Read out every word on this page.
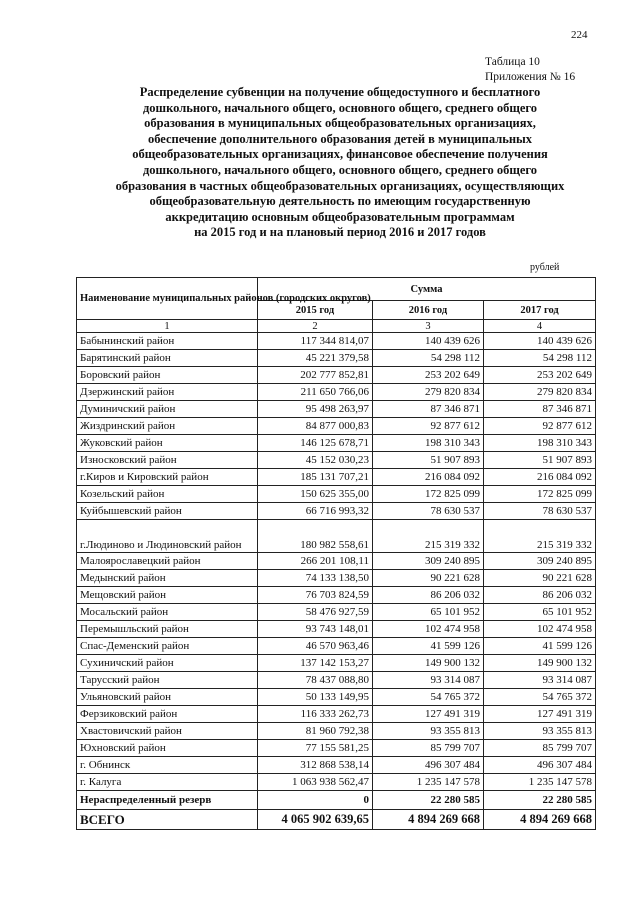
224
Таблица 10
Приложения № 16
Распределение субвенции на получение общедоступного и бесплатного
дошкольного, начального общего, основного общего, среднего общего
образования в муниципальных общеобразовательных организациях,
обеспечение дополнительного образования детей в муниципальных
общеобразовательных организациях, финансовое обеспечение получения
дошкольного, начального общего, основного общего, среднего общего
образования в частных общеобразовательных организациях, осуществляющих
общеобразовательную деятельность по имеющим государственную
аккредитацию основным общеобразовательным программам
на 2015 год и на плановый период 2016 и 2017 годов
рублей
Наименование муниципальных районов (городских округов)	Сумма		
	2015 год	2016 год	2017 год
1	2	3	4
Бабынинский район	117 344 814,07	140 439 626	140 439 626
Барятинский район	45 221 379,58	54 298 112	54 298 112
Боровский район	202 777 852,81	253 202 649	253 202 649
Дзержинский район	211 650 766,06	279 820 834	279 820 834
Думиничский район	95 498 263,97	87 346 871	87 346 871
Жиздринский район	84 877 000,83	92 877 612	92 877 612
Жуковский район	146 125 678,71	198 310 343	198 310 343
Износковский район	45 152 030,23	51 907 893	51 907 893
г.Киров и Кировский район	185 131 707,21	216 084 092	216 084 092
Козельский район	150 625 355,00	172 825 099	172 825 099
Куйбышевский район	66 716 993,32	78 630 537	78 630 537
г.Людиново и Людиновский район	180 982 558,61	215 319 332	215 319 332
Малоярославецкий район	266 201 108,11	309 240 895	309 240 895
Медынский район	74 133 138,50	90 221 628	90 221 628
Мещовский район	76 703 824,59	86 206 032	86 206 032
Мосальский район	58 476 927,59	65 101 952	65 101 952
Перемышльский район	93 743 148,01	102 474 958	102 474 958
Спас-Деменский район	46 570 963,46	41 599 126	41 599 126
Сухиничский район	137 142 153,27	149 900 132	149 900 132
Тарусский район	78 437 088,80	93 314 087	93 314 087
Ульяновский район	50 133 149,95	54 765 372	54 765 372
Ферзиковский район	116 333 262,73	127 491 319	127 491 319
Хвастовичский район	81 960 792,38	93 355 813	93 355 813
Юхновский район	77 155 581,25	85 799 707	85 799 707
г. Обнинск	312 868 538,14	496 307 484	496 307 484
г. Калуга	1 063 938 562,47	1 235 147 578	1 235 147 578
Нераспределенный резерв	0	22 280 585	22 280 585
ВСЕГО	4 065 902 639,65	4 894 269 668	4 894 269 668
